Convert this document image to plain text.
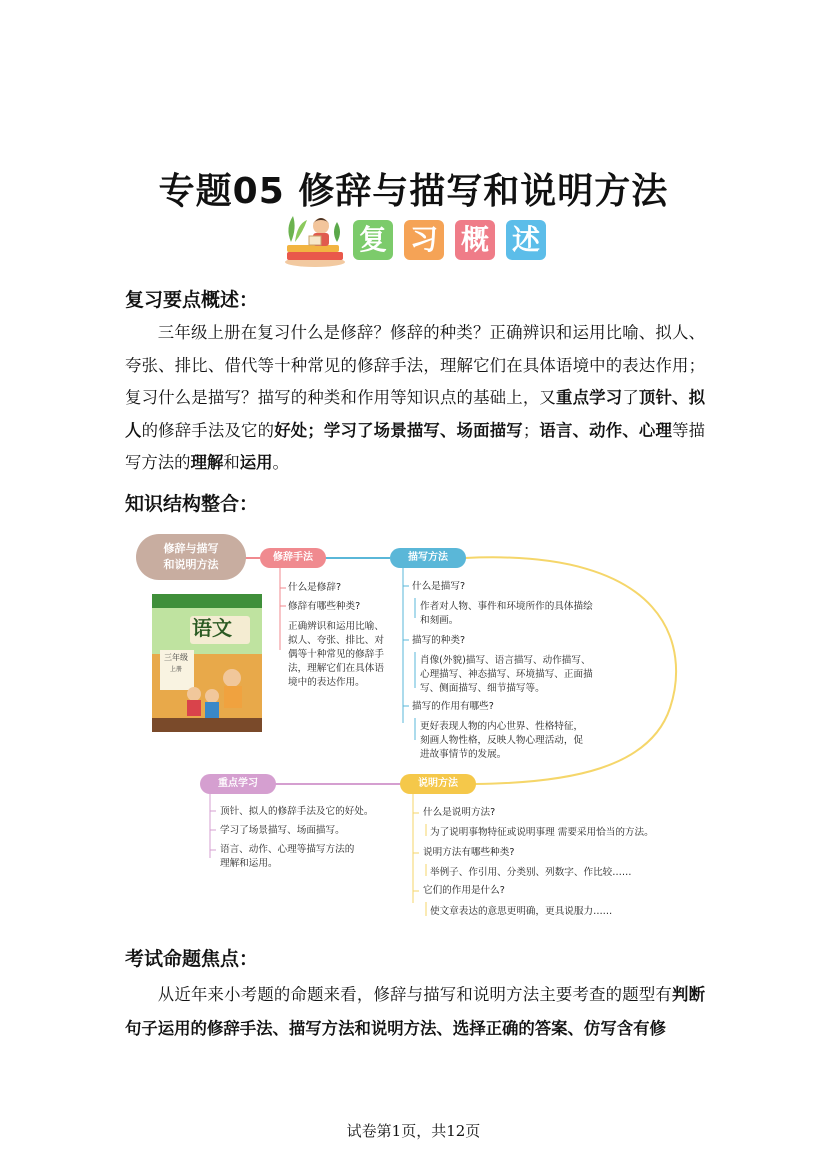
专题05 修辞与描写和说明方法
复 习 概 述
复习要点概述：
三年级上册在复习什么是修辞？修辞的种类？正确辨识和运用比喻、拟人、夸张、排比、借代等十种常见的修辞手法，理解它们在具体语境中的表达作用；复习什么是描写？描写的种类和作用等知识点的基础上，又重点学习了顶针、拟人的修辞手法及它的好处；学习了场景描写、场面描写；语言、动作、心理等描写方法的理解和运用。
知识结构整合：
修辞与描写
和说明方法
修辞手法	描写方法
重点学习	说明方法
语文
三年级
上册
什么是修辞?
修辞有哪些种类?
正确辨识和运用比喻、拟人、夸张、排比、对偶等十种常见的修辞手法，理解它们在具体语境中的表达作用。
什么是描写?
作者对人物、事件和环境所作的具体描绘和刻画。
描写的种类?
肖像(外貌)描写、语言描写、动作描写、心理描写、神态描写、环境描写、正面描写、侧面描写、细节描写等。
描写的作用有哪些?
更好表现人物的内心世界、性格特征，刻画人物性格，反映人物心理活动，促进故事情节的发展。
顶针、拟人的修辞手法及它的好处。
学习了场景描写、场面描写。
语言、动作、心理等描写方法的理解和运用。
什么是说明方法?
为了说明事物特征或说明事理 需要采用恰当的方法。
说明方法有哪些种类?
举例子、作引用、分类别、列数字、作比较……
它们的作用是什么?
使文章表达的意思更明确，更具说服力……
考试命题焦点：
从近年来小考题的命题来看，修辞与描写和说明方法主要考查的题型有判断句子运用的修辞手法、描写方法和说明方法、选择正确的答案、仿写含有修
试卷第1页，共12页
